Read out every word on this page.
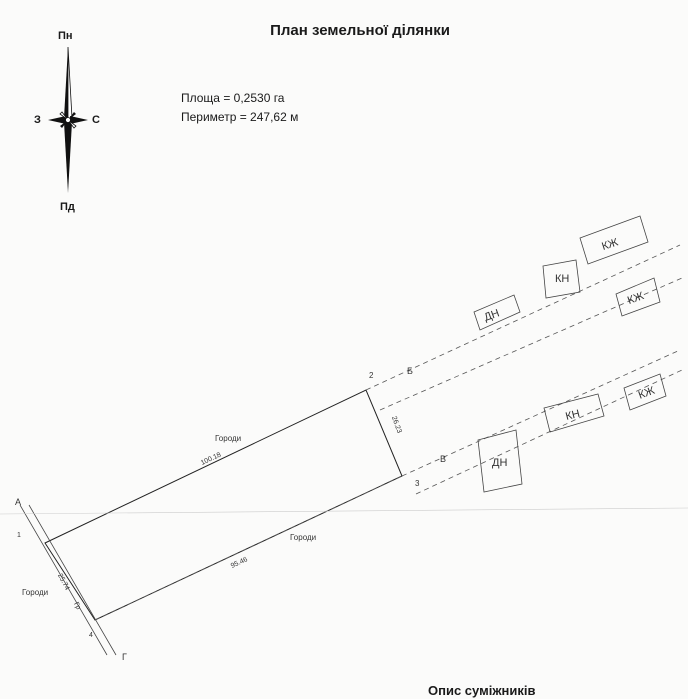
План земельної ділянки
Площа = 0,2530 га
Периметр = 247,62 м
Пн
Пд
З	С
ДН
КН
КЖ
КЖ
ДН
КН
КЖ
100.18
26.23
95.46
25.74
Городи
Городи
Городи
Гр
1
2
3
4
А
Б
В
Г
Опис суміжників
